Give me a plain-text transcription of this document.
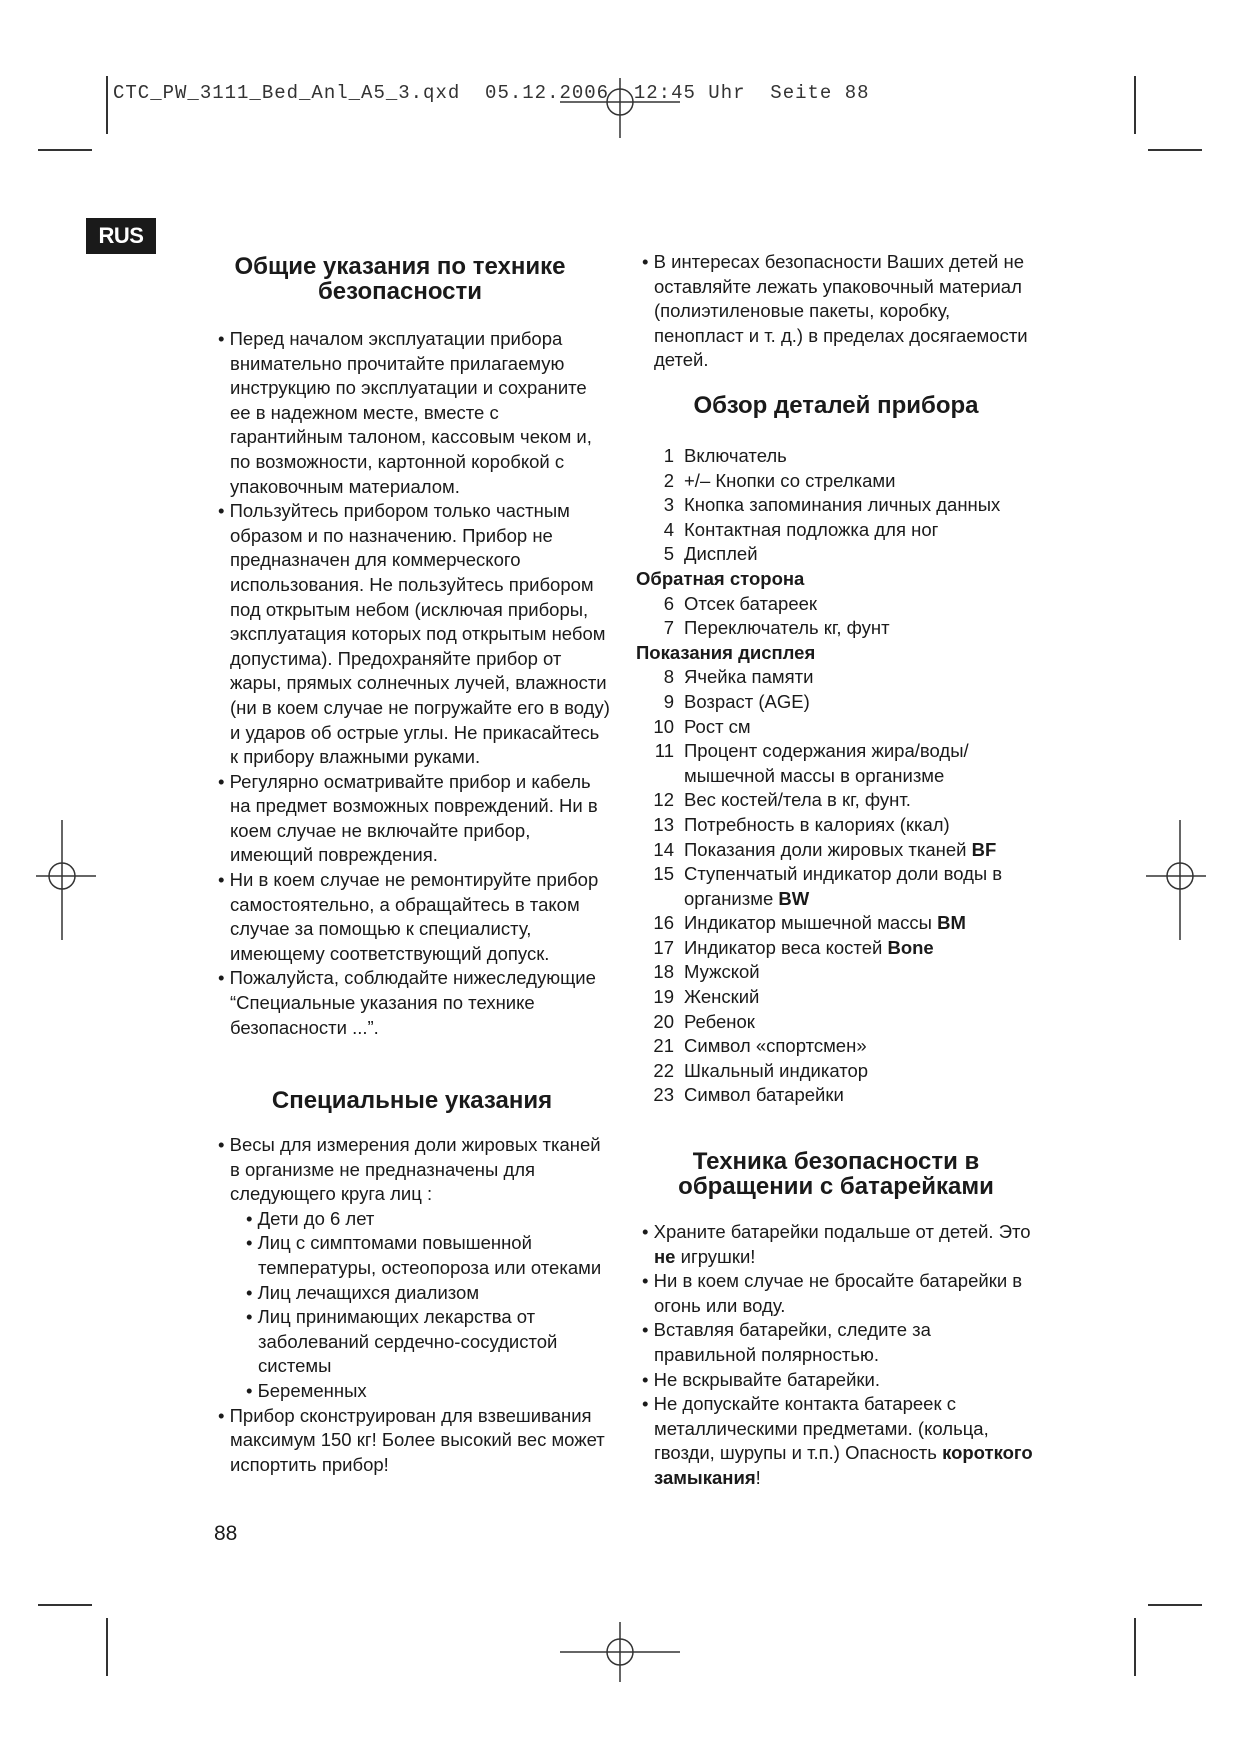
CTC_PW_3111_Bed_Anl_A5_3.qxd  05.12.2006  12:45 Uhr  Seite 88
RUS
Общие указания по технике безопасности
• Перед началом эксплуатации прибора внимательно прочитайте прилагаемую инструкцию по эксплуатации и сохраните ее в надежном месте, вместе с гарантийным талоном, кассовым чеком и, по возможности, картонной коробкой с упаковочным материалом.
• Пользуйтесь прибором только частным образом и по назначению. Прибор не предназначен для коммерческого использования. Не пользуйтесь прибором под открытым небом (исключая приборы, эксплуатация которых под открытым небом допустима). Предохраняйте прибор от жары, прямых солнечных лучей, влажности (ни в коем случае не погружайте его в воду) и ударов об острые углы. Не прикасайтесь к прибору влажными руками.
• Регулярно осматривайте прибор и кабель на предмет возможных повреждений. Ни в коем случае не включайте прибор, имеющий повреждения.
• Ни в коем случае не ремонтируйте прибор самостоятельно, а обращайтесь в таком случае за помощью к специалисту, имеющему соответствующий допуск.
• Пожалуйста, соблюдайте нижеследующие “Специальные указания по технике безопасности ...”.
Специальные указания
• Весы для измерения доли жировых тканей в организме не предназначены для следующего круга лиц :
• Дети до 6 лет
• Лиц с симптомами повышенной температуры, остеопороза или отеками
• Лиц лечащихся диализом
• Лиц принимающих лекарства от заболеваний сердечно-сосудистой системы
• Беременных
• Прибор сконструирован для взвешивания максимум 150 кг! Более высокий вес может испортить прибор!
88
• В интересах безопасности Ваших детей не оставляйте лежать упаковочный материал (полиэтиленовые пакеты, коробку, пенопласт и т. д.) в пределах досягаемости детей.
Обзор деталей прибора
1 Включатель
2 +/– Кнопки со стрелками
3 Кнопка запоминания личных данных
4 Контактная подложка для ног
5 Дисплей
Обратная сторона
6 Отсек батареек
7 Переключатель кг, фунт
Показания дисплея
8 Ячейка памяти
9 Возраст (AGE)
10 Рост см
11 Процент содержания жира/воды/мышечной массы в организме
12 Вес костей/тела в кг, фунт.
13 Потребность в калориях (ккал)
14 Показания доли жировых тканей BF
15 Ступенчатый индикатор доли воды в организме BW
16 Индикатор мышечной массы BM
17 Индикатор веса костей Bone
18 Мужской
19 Женский
20 Ребенок
21 Символ «спортсмен»
22 Шкальный индикатор
23 Символ батарейки
Техника безопасности в обращении с батарейками
• Храните батарейки подальше от детей. Это не игрушки!
• Ни в коем случае не бросайте батарейки в огонь или воду.
• Вставляя батарейки, следите за правильной полярностью.
• Не вскрывайте батарейки.
• Не допускайте контакта батареек с металлическими предметами. (кольца, гвозди, шурупы и т.п.) Опасность короткого замыкания!
